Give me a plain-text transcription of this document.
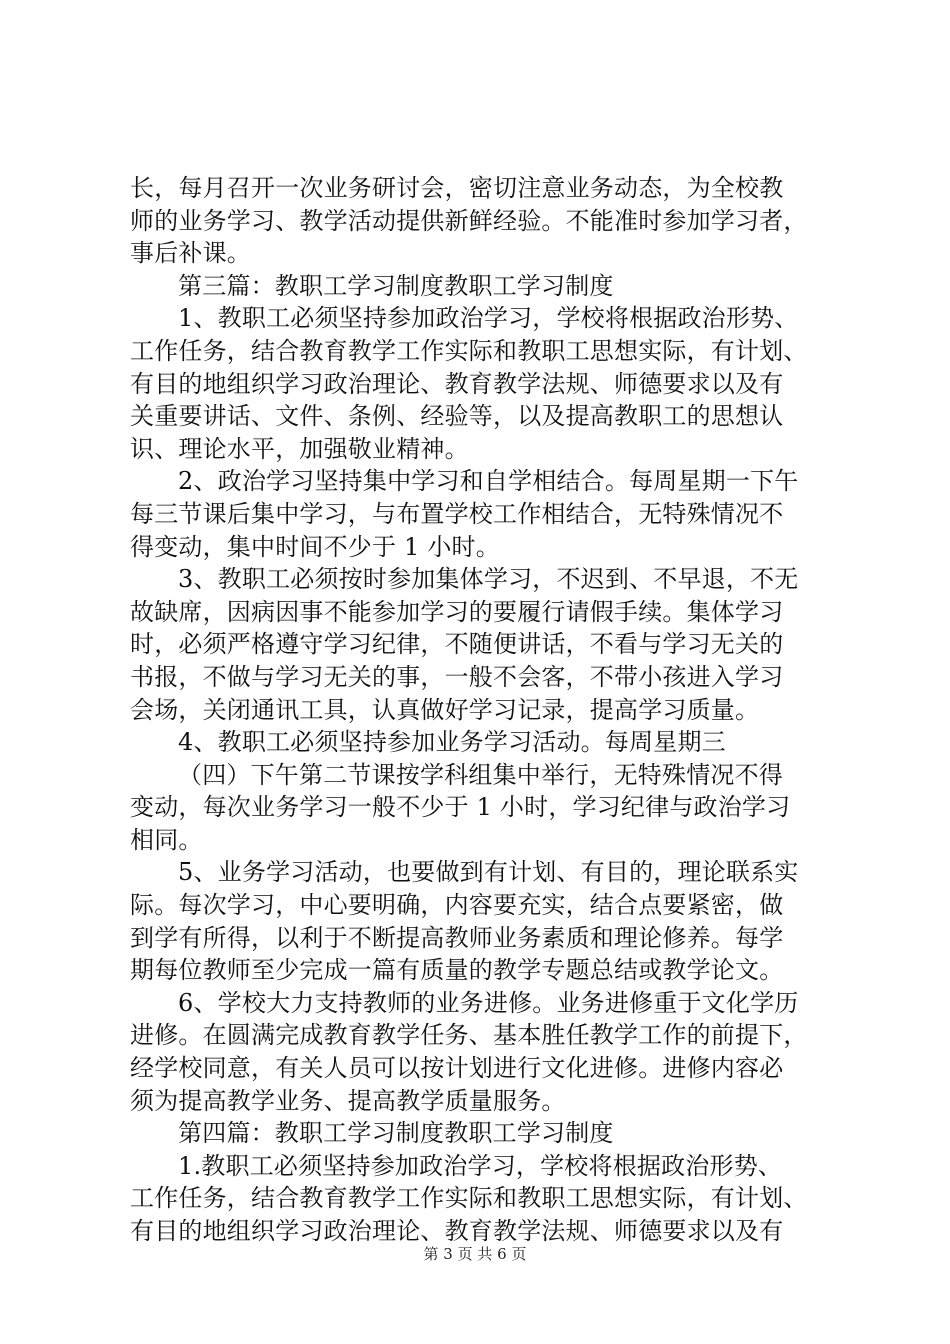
长，每月召开一次业务研讨会，密切注意业务动态，为全校教
师的业务学习、教学活动提供新鲜经验。不能准时参加学习者，
事后补课。
第三篇：教职工学习制度教职工学习制度
1、教职工必须坚持参加政治学习，学校将根据政治形势、
工作任务，结合教育教学工作实际和教职工思想实际，有计划、
有目的地组织学习政治理论、教育教学法规、师德要求以及有
关重要讲话、文件、条例、经验等，以及提高教职工的思想认
识、理论水平，加强敬业精神。
2、政治学习坚持集中学习和自学相结合。每周星期一下午
每三节课后集中学习，与布置学校工作相结合，无特殊情况不
得变动，集中时间不少于 1 小时。
3、教职工必须按时参加集体学习，不迟到、不早退，不无
故缺席，因病因事不能参加学习的要履行请假手续。集体学习
时，必须严格遵守学习纪律，不随便讲话，不看与学习无关的
书报，不做与学习无关的事，一般不会客，不带小孩进入学习
会场，关闭通讯工具，认真做好学习记录，提高学习质量。
4、教职工必须坚持参加业务学习活动。每周星期三
（四）下午第二节课按学科组集中举行，无特殊情况不得
变动，每次业务学习一般不少于 1 小时，学习纪律与政治学习
相同。
5、业务学习活动，也要做到有计划、有目的，理论联系实
际。每次学习，中心要明确，内容要充实，结合点要紧密，做
到学有所得，以利于不断提高教师业务素质和理论修养。每学
期每位教师至少完成一篇有质量的教学专题总结或教学论文。
6、学校大力支持教师的业务进修。业务进修重于文化学历
进修。在圆满完成教育教学任务、基本胜任教学工作的前提下，
经学校同意，有关人员可以按计划进行文化进修。进修内容必
须为提高教学业务、提高教学质量服务。
第四篇：教职工学习制度教职工学习制度
1.教职工必须坚持参加政治学习，学校将根据政治形势、
工作任务，结合教育教学工作实际和教职工思想实际，有计划、
有目的地组织学习政治理论、教育教学法规、师德要求以及有
第 3 页 共 6 页
